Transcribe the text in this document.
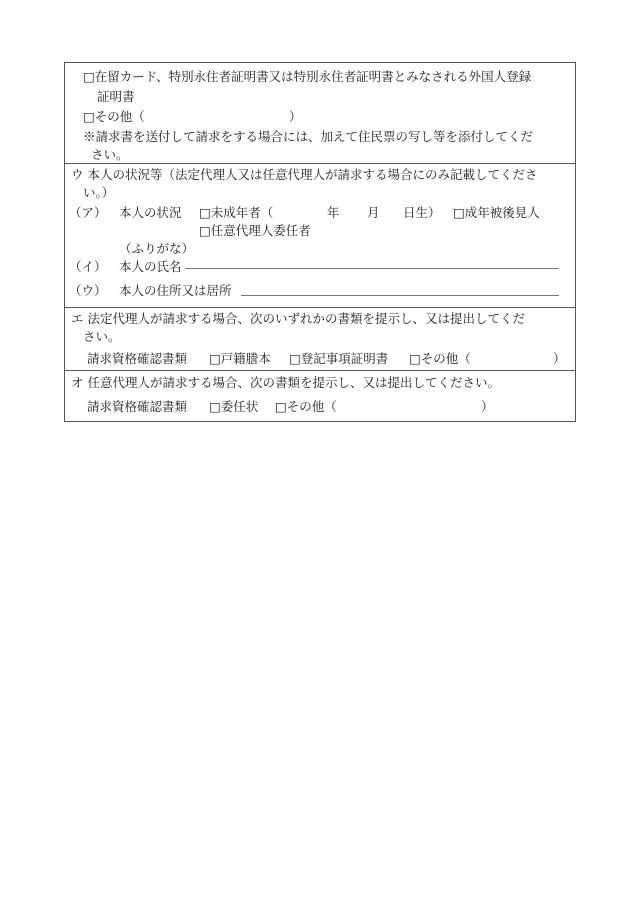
□在留カード、特別永住者証明書又は特別永住者証明書とみなされる外国人登録
証明書
□その他（	）
※請求書を送付して請求をする場合には、加えて住民票の写し等を添付してくだ
さい。
ウ 本人の状況等（法定代理人又は任意代理人が請求する場合にのみ記載してくださ
い。）
（ア） 本人の状況 □未成年者（	年 月 日生） □成年被後見人
□任意代理人委任者
（ふりがな）
（イ） 本人の氏名
（ウ） 本人の住所又は居所
エ 法定代理人が請求する場合、次のいずれかの書類を提示し、又は提出してくだ
さい。
請求資格確認書類 □戸籍謄本 □登記事項証明書 □その他（	）
オ 任意代理人が請求する場合、次の書類を提示し、又は提出してください。
請求資格確認書類 □委任状 □その他（	）
